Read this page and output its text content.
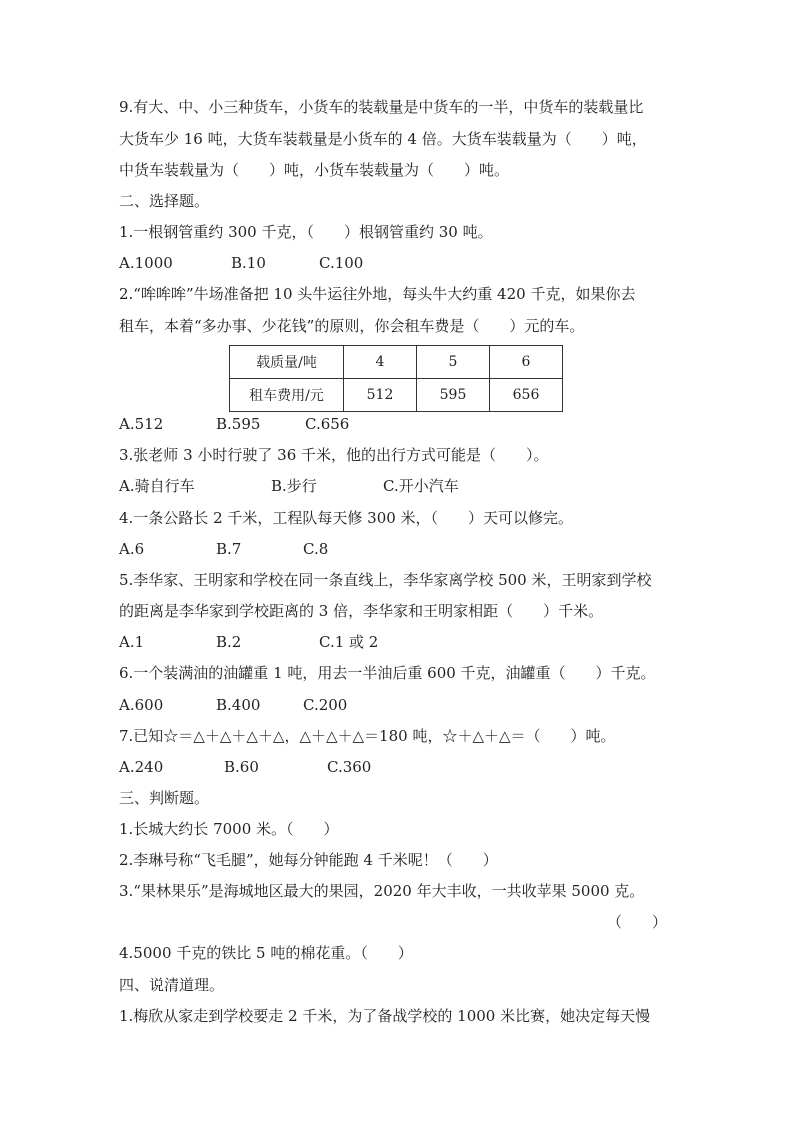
9.有大、中、小三种货车，小货车的装载量是中货车的一半，中货车的装载量比
大货车少 16 吨，大货车装载量是小货车的 4 倍。大货车装载量为（　　）吨，
中货车装载量为（　　）吨，小货车装载量为（　　）吨。
二、选择题。
1.一根钢管重约 300 千克，（　　）根钢管重约 30 吨。
A.1000	B.10	C.100
2.“哞哞哞”牛场准备把 10 头牛运往外地，每头牛大约重 420 千克，如果你去
租车，本着“多办事、少花钱”的原则，你会租车费是（　　）元的车。
载质量/吨	4	5	6
租车费用/元	512	595	656
A.512	B.595	C.656
3.张老师 3 小时行驶了 36 千米，他的出行方式可能是（　　）。
A.骑自行车	B.步行	C.开小汽车
4.一条公路长 2 千米，工程队每天修 300 米，（　　）天可以修完。
A.6	B.7	C.8
5.李华家、王明家和学校在同一条直线上，李华家离学校 500 米，王明家到学校
的距离是李华家到学校距离的 3 倍，李华家和王明家相距（　　）千米。
A.1	B.2	C.1 或 2
6.一个装满油的油罐重 1 吨，用去一半油后重 600 千克，油罐重（　　）千克。
A.600	B.400	C.200
7.已知☆＝△＋△＋△＋△，△＋△＋△＝180 吨，☆＋△＋△＝（　　）吨。
A.240	B.60	C.360
三、判断题。
1.长城大约长 7000 米。（　　）
2.李琳号称“飞毛腿”，她每分钟能跑 4 千米呢！（　　）
3.“果林果乐”是海城地区最大的果园，2020 年大丰收，一共收苹果 5000 克。
（　　）
4.5000 千克的铁比 5 吨的棉花重。（　　）
四、说清道理。
1.梅欣从家走到学校要走 2 千米，为了备战学校的 1000 米比赛，她决定每天慢
